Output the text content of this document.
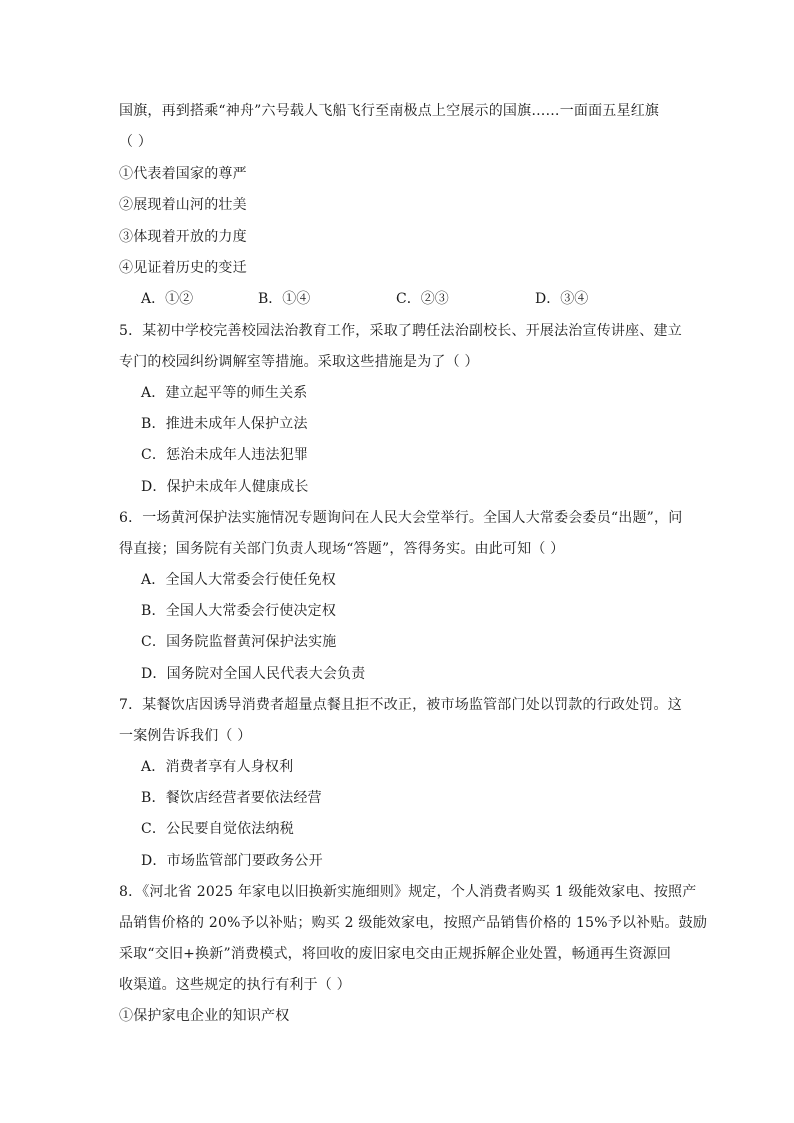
国旗，再到搭乘“神舟”六号载人飞船飞行至南极点上空展示的国旗……一面面五星红旗
（ ）
①代表着国家的尊严
②展现着山河的壮美
③体现着开放的力度
④见证着历史的变迁
A．①②	B．①④	C．②③	D．③④
5．某初中学校完善校园法治教育工作，采取了聘任法治副校长、开展法治宣传讲座、建立
专门的校园纠纷调解室等措施。采取这些措施是为了（ ）
A．建立起平等的师生关系
B．推进未成年人保护立法
C．惩治未成年人违法犯罪
D．保护未成年人健康成长
6．一场黄河保护法实施情况专题询问在人民大会堂举行。全国人大常委会委员“出题”，问
得直接；国务院有关部门负责人现场“答题”，答得务实。由此可知（ ）
A．全国人大常委会行使任免权
B．全国人大常委会行使决定权
C．国务院监督黄河保护法实施
D．国务院对全国人民代表大会负责
7．某餐饮店因诱导消费者超量点餐且拒不改正，被市场监管部门处以罚款的行政处罚。这
一案例告诉我们（ ）
A．消费者享有人身权利
B．餐饮店经营者要依法经营
C．公民要自觉依法纳税
D．市场监管部门要政务公开
8．《河北省 2025 年家电以旧换新实施细则》规定，个人消费者购买 1 级能效家电、按照产
品销售价格的 20%予以补贴；购买 2 级能效家电，按照产品销售价格的 15%予以补贴。鼓励
采取“交旧+换新”消费模式，将回收的废旧家电交由正规拆解企业处置，畅通再生资源回
收渠道。这些规定的执行有利于（ ）
①保护家电企业的知识产权
